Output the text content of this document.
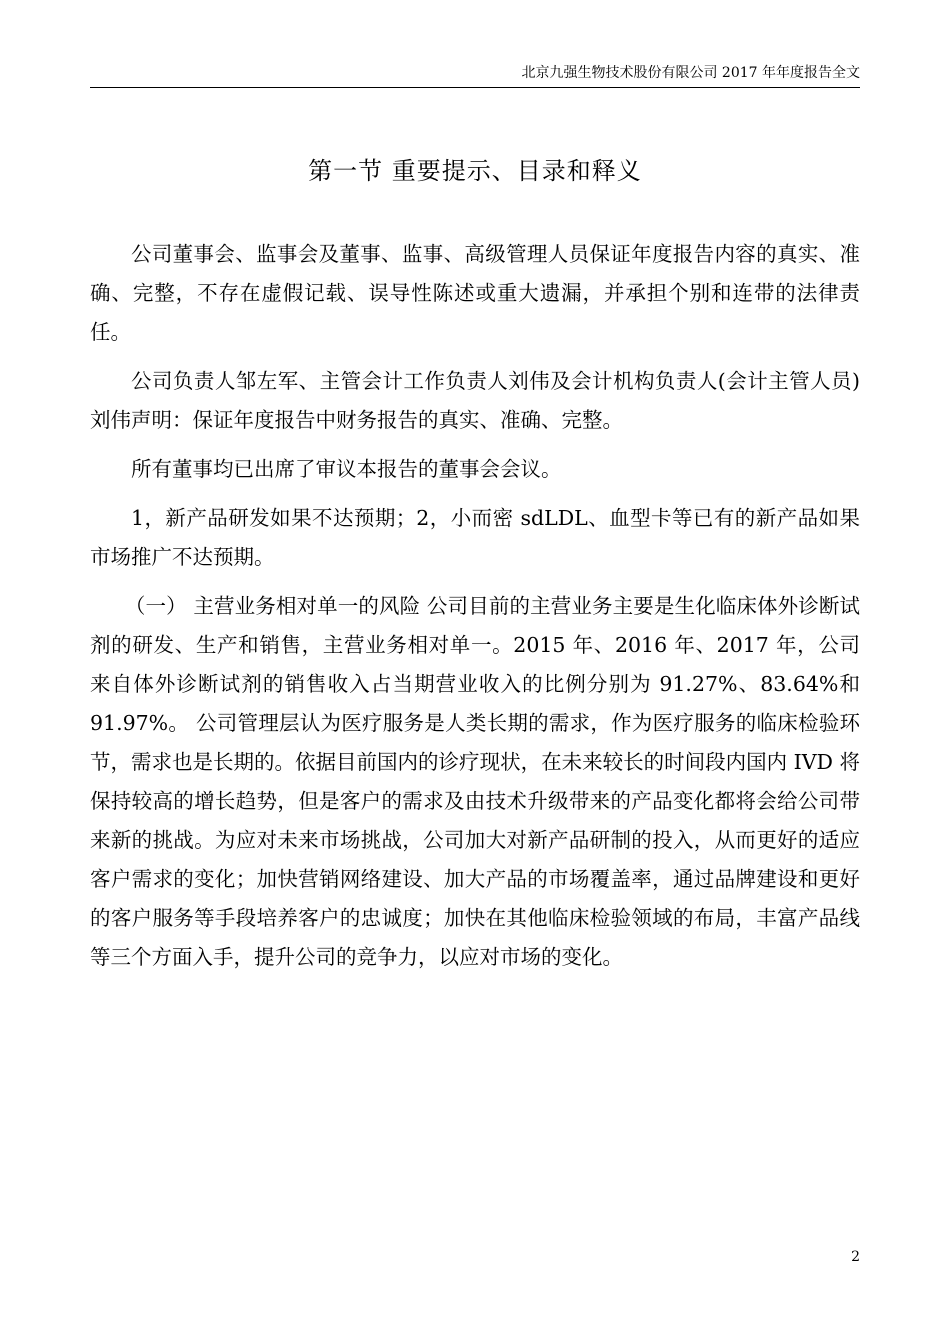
北京九强生物技术股份有限公司 2017 年年度报告全文
第一节 重要提示、目录和释义

公司董事会、监事会及董事、监事、高级管理人员保证年度报告内容的真实、准确、完整，不存在虚假记载、误导性陈述或重大遗漏，并承担个别和连带的法律责任。

公司负责人邹左军、主管会计工作负责人刘伟及会计机构负责人(会计主管人员)刘伟声明：保证年度报告中财务报告的真实、准确、完整。

所有董事均已出席了审议本报告的董事会会议。

1，新产品研发如果不达预期；2，小而密 sdLDL、血型卡等已有的新产品如果市场推广不达预期。

（一） 主营业务相对单一的风险 公司目前的主营业务主要是生化临床体外诊断试剂的研发、生产和销售，主营业务相对单一。2015 年、2016 年、2017 年，公司来自体外诊断试剂的销售收入占当期营业收入的比例分别为 91.27%、83.64%和 91.97%。 公司管理层认为医疗服务是人类长期的需求，作为医疗服务的临床检验环节，需求也是长期的。依据目前国内的诊疗现状，在未来较长的时间段内国内 IVD 将保持较高的增长趋势，但是客户的需求及由技术升级带来的产品变化都将会给公司带来新的挑战。为应对未来市场挑战，公司加大对新产品研制的投入，从而更好的适应客户需求的变化；加快营销网络建设、加大产品的市场覆盖率，通过品牌建设和更好的客户服务等手段培养客户的忠诚度；加快在其他临床检验领域的布局，丰富产品线等三个方面入手，提升公司的竞争力，以应对市场的变化。

2
